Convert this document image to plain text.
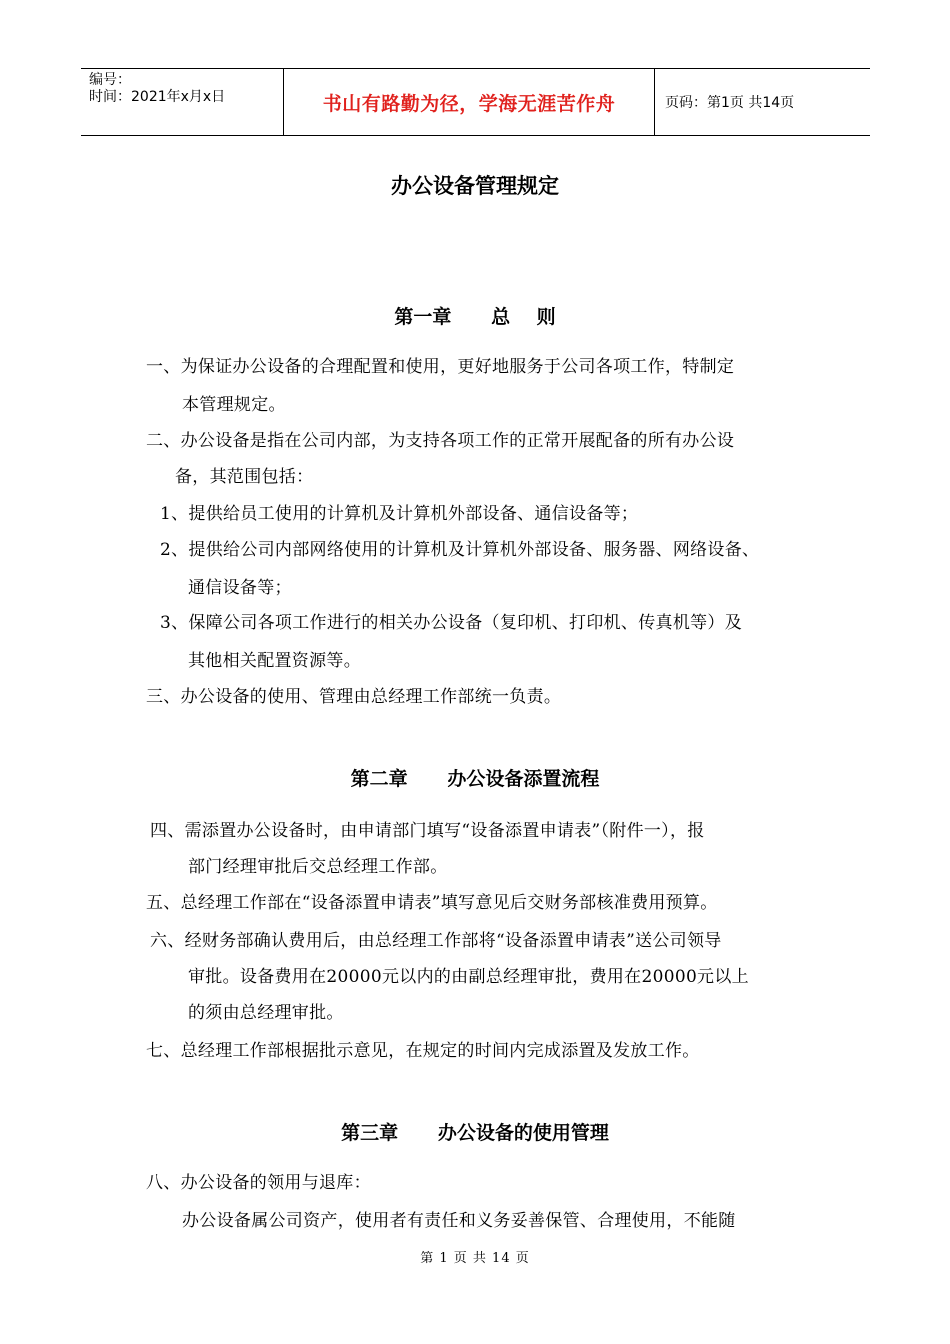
编号：
时间：2021年x月x日	书山有路勤为径，学海无涯苦作舟	页码：第1页 共14页
办公设备管理规定
第一章      总    则
一、为保证办公设备的合理配置和使用，更好地服务于公司各项工作，特制定
本管理规定。
二、办公设备是指在公司内部，为支持各项工作的正常开展配备的所有办公设
备，其范围包括：
1、提供给员工使用的计算机及计算机外部设备、通信设备等；
2、提供给公司内部网络使用的计算机及计算机外部设备、服务器、网络设备、
通信设备等；
3、保障公司各项工作进行的相关办公设备（复印机、打印机、传真机等）及
其他相关配置资源等。
三、办公设备的使用、管理由总经理工作部统一负责。
第二章      办公设备添置流程
四、需添置办公设备时，由申请部门填写“设备添置申请表”（附件一），报
部门经理审批后交总经理工作部。
五、总经理工作部在“设备添置申请表”填写意见后交财务部核准费用预算。
六、经财务部确认费用后，由总经理工作部将“设备添置申请表”送公司领导
审批。设备费用在20000元以内的由副总经理审批，费用在20000元以上
的须由总经理审批。
七、总经理工作部根据批示意见，在规定的时间内完成添置及发放工作。
第三章      办公设备的使用管理
八、办公设备的领用与退库：
办公设备属公司资产，使用者有责任和义务妥善保管、合理使用，不能随
第 1 页 共 14 页
